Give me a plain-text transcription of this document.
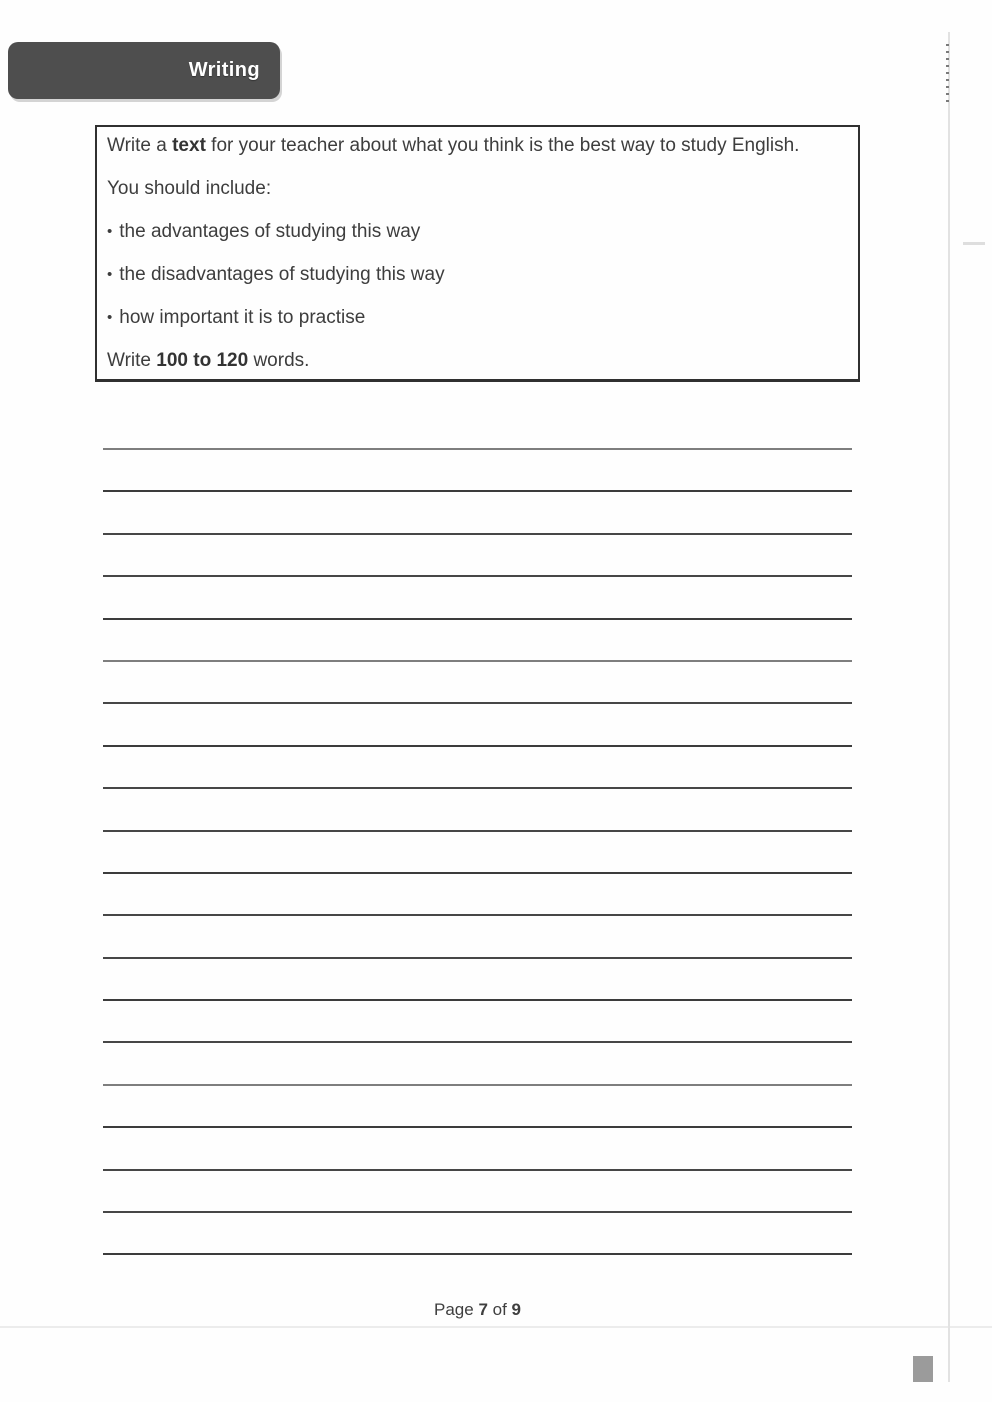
Writing

Write a text for your teacher about what you think is the best way to study English.

You should include:

• the advantages of studying this way

• the disadvantages of studying this way

• how important it is to practise

Write 100 to 120 words.

Page 7 of 9
